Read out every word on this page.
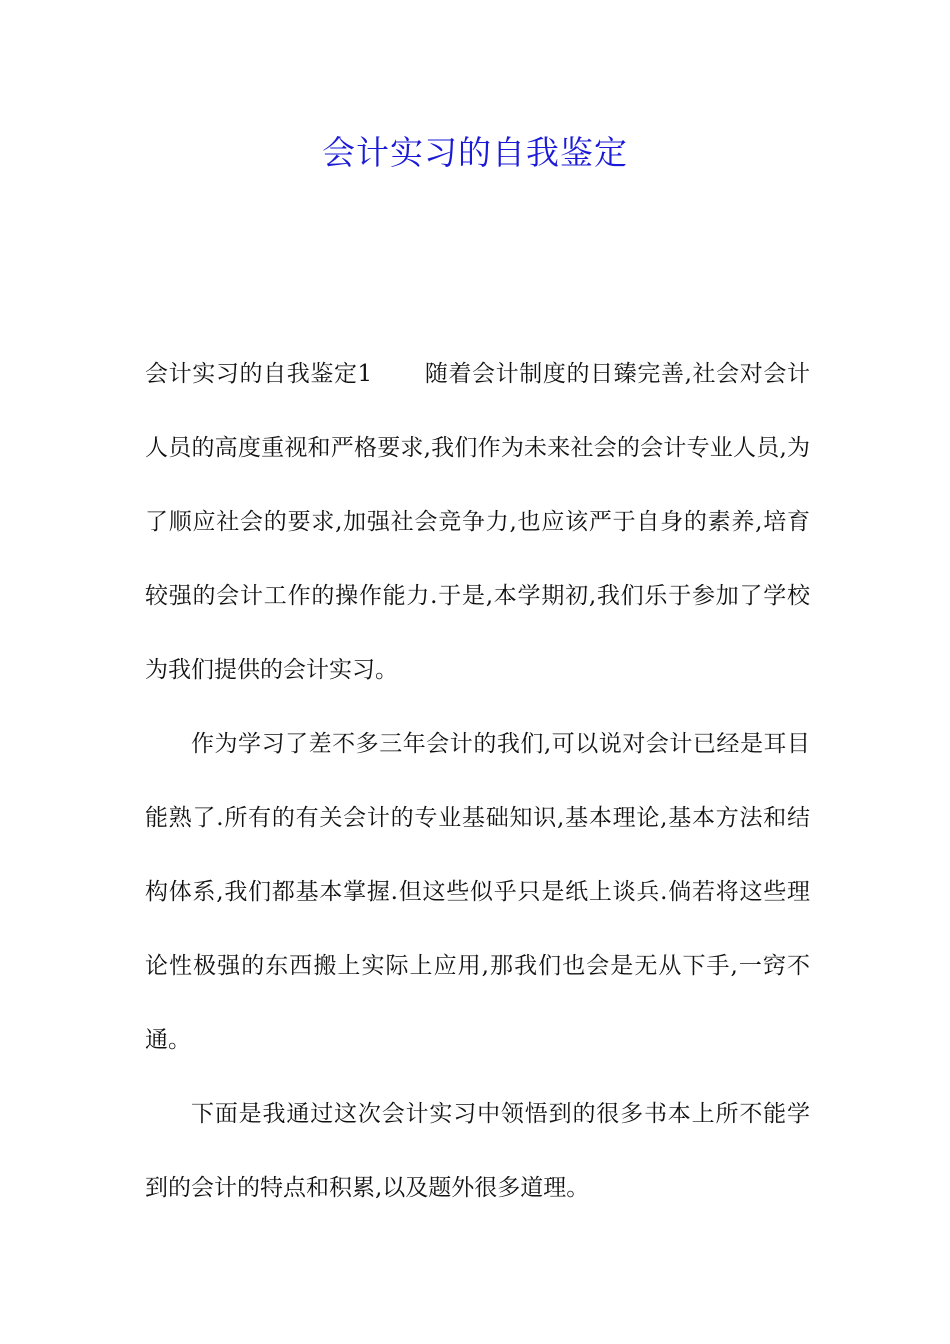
会计实习的自我鉴定

会计实习的自我鉴定1 随着会计制度的日臻完善,社会对会计人员的高度重视和严格要求,我们作为未来社会的会计专业人员,为了顺应社会的要求,加强社会竞争力,也应该严于自身的素养,培育较强的会计工作的操作能力.于是,本学期初,我们乐于参加了学校为我们提供的会计实习。

作为学习了差不多三年会计的我们,可以说对会计已经是耳目能熟了.所有的有关会计的专业基础知识,基本理论,基本方法和结构体系,我们都基本掌握.但这些似乎只是纸上谈兵.倘若将这些理论性极强的东西搬上实际上应用,那我们也会是无从下手,一窍不通。

下面是我通过这次会计实习中领悟到的很多书本上所不能学到的会计的特点和积累,以及题外很多道理。
